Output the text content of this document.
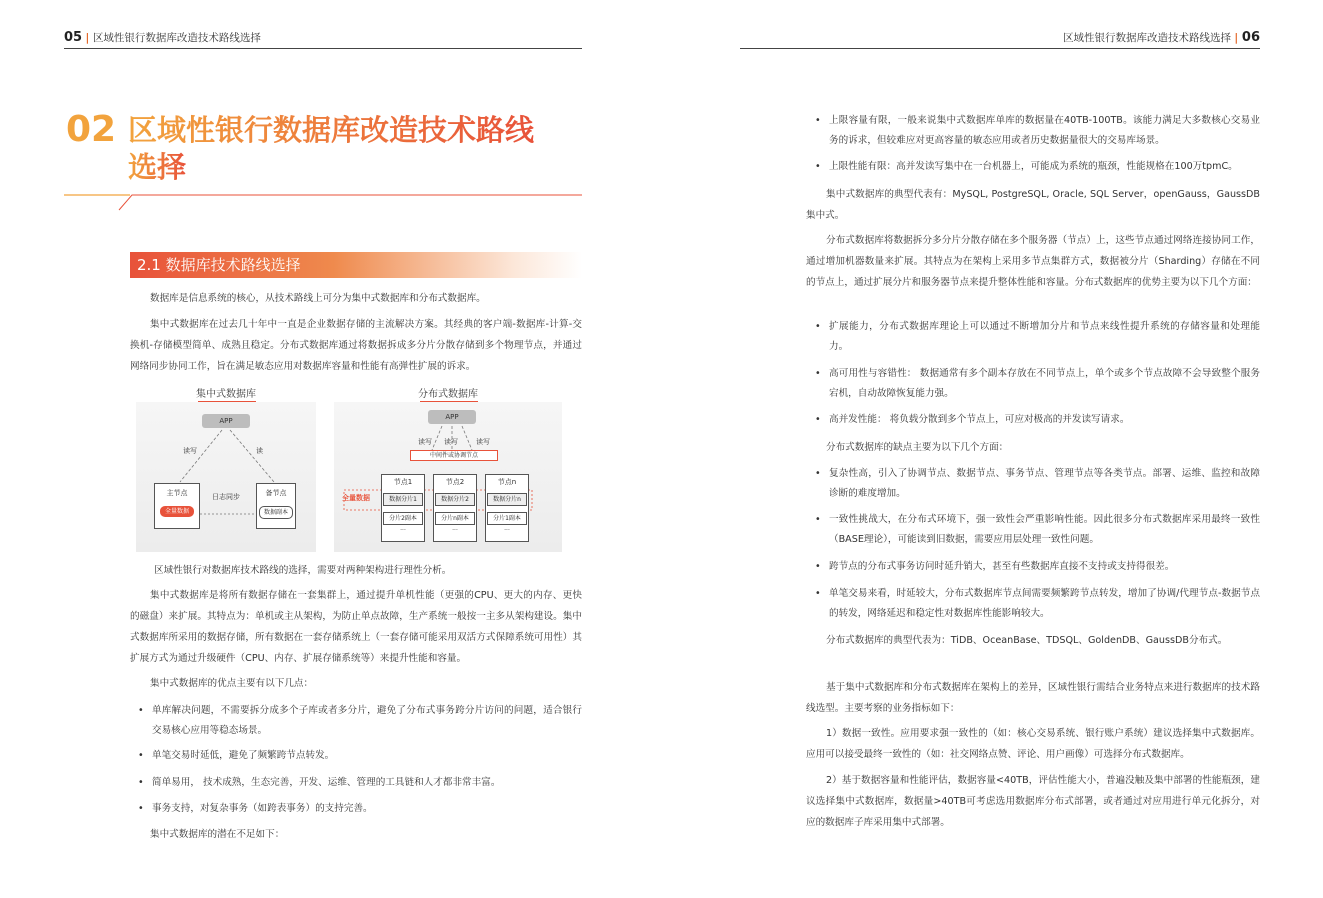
05 | 区域性银行数据库改造技术路线选择	区域性银行数据库改造技术路线选择 | 06
02 区域性银行数据库改造技术路线
选择
2.1 数据库技术路线选择
数据库是信息系统的核心，从技术路线上可分为集中式数据库和分布式数据库。
集中式数据库在过去几十年中一直是企业数据存储的主流解决方案。其经典的客户端-数据库-计算-交换机-存储模型简单、成熟且稳定。分布式数据库通过将数据拆成多分片分散存储到多个物理节点，并通过网络同步协同工作，旨在满足敏态应用对数据库容量和性能有高弹性扩展的诉求。
集中式数据库
APP
读写	读
主节点
全量数据
日志同步	备节点
数据副本
分布式数据库
APP
读写 读写	读写
中间件或协调节点
全量数据
节点1
数据分片1
分片2副本
...
节点2
数据分片2
分片n副本
...
节点n
数据分片n
分片1副本
...
区域性银行对数据库技术路线的选择，需要对两种架构进行理性分析。
集中式数据库是将所有数据存储在一套集群上，通过提升单机性能（更强的CPU、更大的内存、更快的磁盘）来扩展。其特点为：单机或主从架构，为防止单点故障，生产系统一般按一主多从架构建设。集中式数据库所采用的数据存储，所有数据在一套存储系统上（一套存储可能采用双活方式保障系统可用性）其扩展方式为通过升级硬件（CPU、内存、扩展存储系统等）来提升性能和容量。
集中式数据库的优点主要有以下几点：
• 单库解决问题，不需要拆分成多个子库或者多分片，避免了分布式事务跨分片访问的问题，适合银行交易核心应用等稳态场景。
• 单笔交易时延低，避免了频繁跨节点转发。
• 简单易用， 技术成熟，生态完善，开发、运维、管理的工具链和人才都非常丰富。
• 事务支持，对复杂事务（如跨表事务）的支持完善。
集中式数据库的潜在不足如下：
• 上限容量有限，一般来说集中式数据库单库的数据量在40TB-100TB。该能力满足大多数核心交易业务的诉求，但较难应对更高容量的敏态应用或者历史数据量很大的交易库场景。
• 上限性能有限：高并发读写集中在一台机器上，可能成为系统的瓶颈，性能规格在100万tpmC。
集中式数据库的典型代表有：MySQL, PostgreSQL, Oracle, SQL Server，openGauss，GaussDB集中式。
分布式数据库将数据拆分多分片分散存储在多个服务器（节点）上，这些节点通过网络连接协同工作，通过增加机器数量来扩展。其特点为在架构上采用多节点集群方式，数据被分片（Sharding）存储在不同的节点上，通过扩展分片和服务器节点来提升整体性能和容量。分布式数据库的优势主要为以下几个方面：
• 扩展能力，分布式数据库理论上可以通过不断增加分片和节点来线性提升系统的存储容量和处理能力。
• 高可用性与容错性： 数据通常有多个副本存放在不同节点上，单个或多个节点故障不会导致整个服务宕机，自动故障恢复能力强。
• 高并发性能： 将负载分散到多个节点上，可应对极高的并发读写请求。
分布式数据库的缺点主要为以下几个方面：
• 复杂性高，引入了协调节点、数据节点、事务节点、管理节点等各类节点。部署、运维、监控和故障诊断的难度增加。
• 一致性挑战大，在分布式环境下，强一致性会严重影响性能。因此很多分布式数据库采用最终一致性（BASE理论），可能读到旧数据，需要应用层处理一致性问题。
• 跨节点的分布式事务访问时延升销大，甚至有些数据库直接不支持或支持得很差。
• 单笔交易来看，时延较大，分布式数据库节点间需要频繁跨节点转发，增加了协调/代理节点-数据节点的转发，网络延迟和稳定性对数据库性能影响较大。
分布式数据库的典型代表为：TiDB、OceanBase、TDSQL、GoldenDB、GaussDB分布式。
基于集中式数据库和分布式数据库在架构上的差异，区域性银行需结合业务特点来进行数据库的技术路线选型。主要考察的业务指标如下：
1）数据一致性。应用要求强一致性的（如：核心交易系统、银行账户系统）建议选择集中式数据库。应用可以接受最终一致性的（如：社交网络点赞、评论、用户画像）可选择分布式数据库。
2）基于数据容量和性能评估，数据容量<40TB，评估性能大小，普遍没触及集中部署的性能瓶颈，建议选择集中式数据库，数据量>40TB可考虑选用数据库分布式部署，或者通过对应用进行单元化拆分，对应的数据库子库采用集中式部署。
